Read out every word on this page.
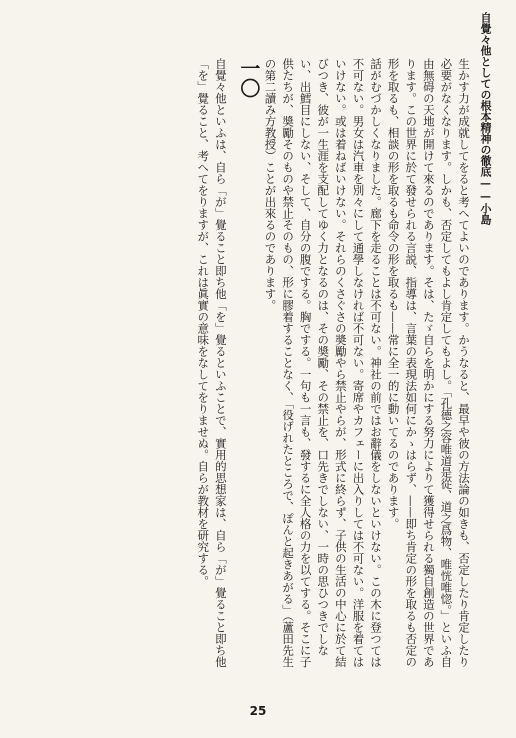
自覺々他としての根本精神の徹底——小島

生かす力が成就してをると考へてよいのであります。かうなると、最早や彼の方法論の如きも、否定したり肯定したり必要がなくなります。しかも、否定してもよし肯定してもよし。「孔德之容唯道是從、道之爲物、唯恍唯惚。」といふ自由無碍の天地が開けて來るのであります。そは、たゞ自らを明かにする努力によりて獲得せられる獨自創造の世界であります。この世界に於て發せられる言説、指導は、言葉の表現法如何にかゝはらず、——即ち肯定の形を取るも否定の形を取るも、相談の形を取るも命令の形を取るも——常に全一的に動いてるのであります。

話がむづかしくなりました。廊下を走ることは不可ない。神社の前ではお辭儀をしないといけない。この木に登つては不可ない。男女は汽車を別々にして通學しなければ不可ない。寄席やカフェーに出入りしては不可ない。洋服を着てはいけない。或は着ねばいけない。それらのくさぐさの奬勵やら禁止やらが、形式に終らず、子供の生活の中心に於て結びつき、彼が一生涯を支配してゆく力となるのは、その奬勵、その禁止を、口先きでしない、一時の思ひつきでしない、出鱈目にしない、そして、自分の腹でする。胸でする。一句も一言も、發するに全人格の力を以てする。そこに子供たちが、奬勵そのものや禁止そのもの、形に膠着することなく、「役げれたところで、ぽんと起きあがる」（蘆田先生の第二讀み方教授）ことが出來るのであります。

一〇

自覺々他といふは、自ら「が」覺ること即ち他「を」覺るといふことで、實用的思想家は、自ら「が」覺ること即ち他「を」覺ること、考へてをりますが、これは眞實の意味をなしてをりませぬ。自らが教材を研究する。

25
